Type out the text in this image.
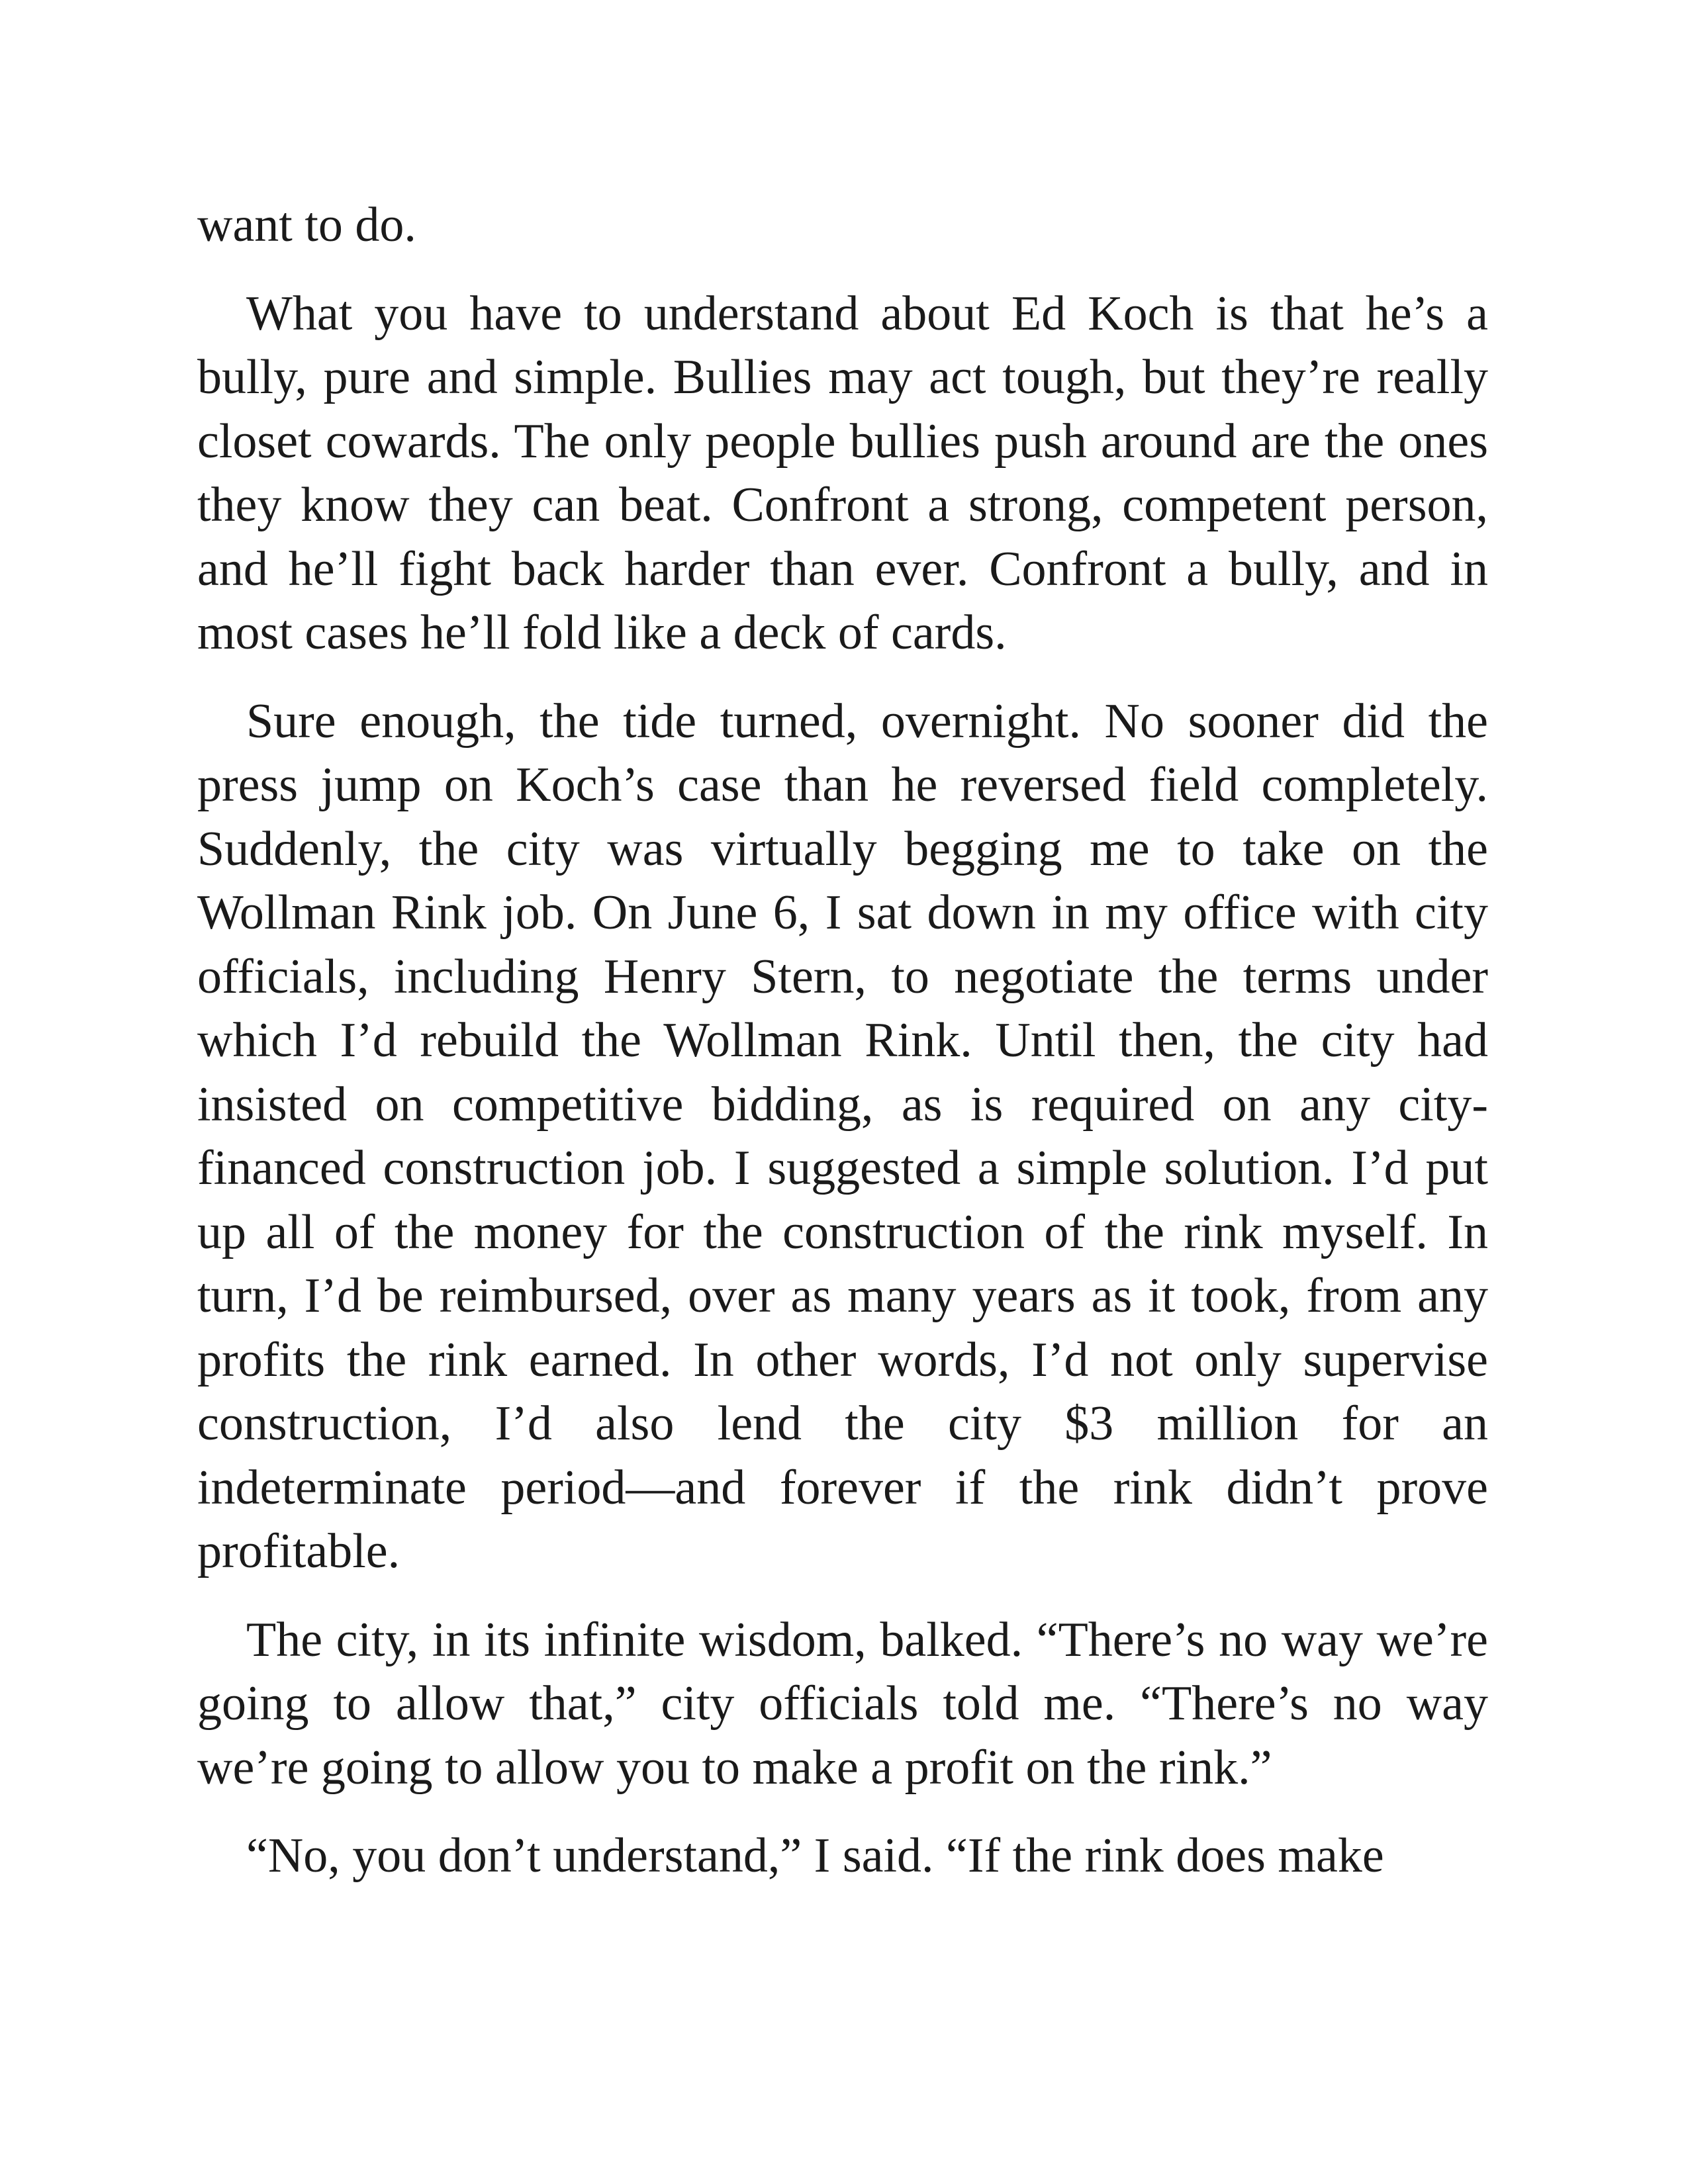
want to do.

What you have to understand about Ed Koch is that he’s a bully, pure and simple. Bullies may act tough, but they’re really closet cowards. The only people bullies push around are the ones they know they can beat. Confront a strong, competent person, and he’ll fight back harder than ever. Confront a bully, and in most cases he’ll fold like a deck of cards.

Sure enough, the tide turned, overnight. No sooner did the press jump on Koch’s case than he reversed field completely. Suddenly, the city was virtually begging me to take on the Wollman Rink job. On June 6, I sat down in my office with city officials, including Henry Stern, to negotiate the terms under which I’d rebuild the Wollman Rink. Until then, the city had insisted on competitive bidding, as is required on any city-financed construction job. I suggested a simple solution. I’d put up all of the money for the construction of the rink myself. In turn, I’d be reimbursed, over as many years as it took, from any profits the rink earned. In other words, I’d not only supervise construction, I’d also lend the city $3 million for an indeterminate period—and forever if the rink didn’t prove profitable.

The city, in its infinite wisdom, balked. “There’s no way we’re going to allow that,” city officials told me. “There’s no way we’re going to allow you to make a profit on the rink.”

“No, you don’t understand,” I said. “If the rink does make
